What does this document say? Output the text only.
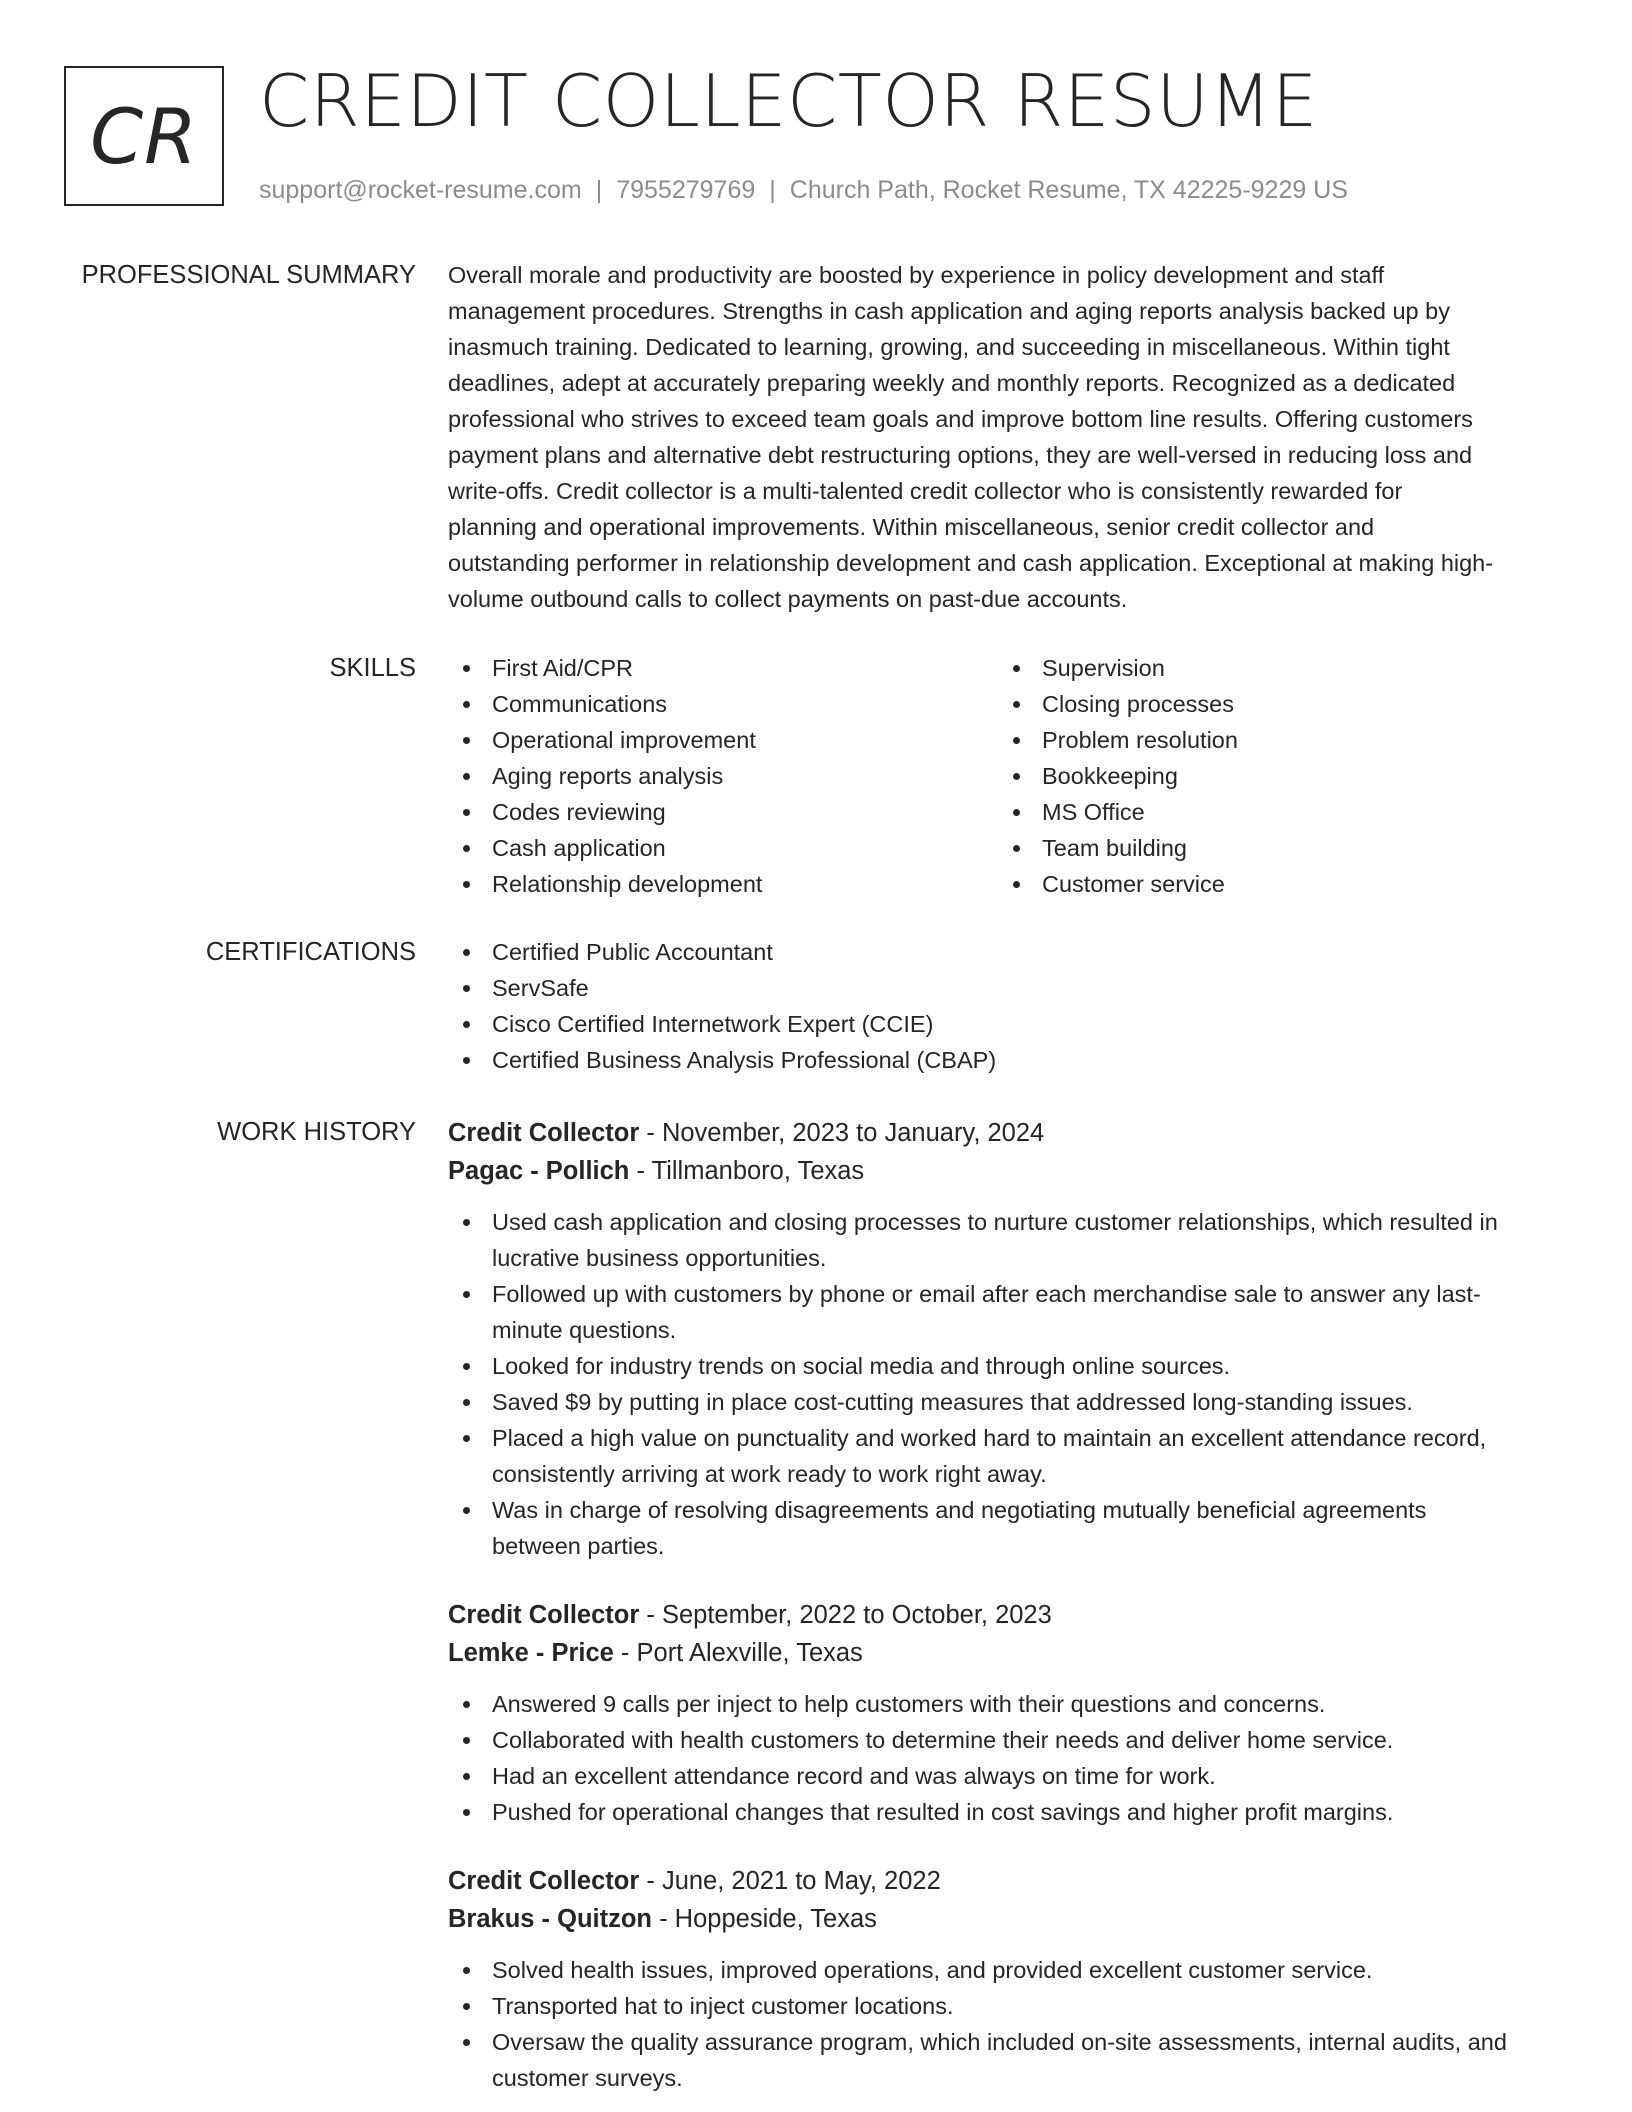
CR CREDIT COLLECTOR RESUME
support@rocket-resume.com | 7955279769 | Church Path, Rocket Resume, TX 42225-9229 US
PROFESSIONAL SUMMARY Overall morale and productivity are boosted by experience in policy development and staff
management procedures. Strengths in cash application and aging reports analysis backed up by
inasmuch training. Dedicated to learning, growing, and succeeding in miscellaneous. Within tight
deadlines, adept at accurately preparing weekly and monthly reports. Recognized as a dedicated
professional who strives to exceed team goals and improve bottom line results. Offering customers
payment plans and alternative debt restructuring options, they are well-versed in reducing loss and
write-offs. Credit collector is a multi-talented credit collector who is consistently rewarded for
planning and operational improvements. Within miscellaneous, senior credit collector and
outstanding performer in relationship development and cash application. Exceptional at making high-
volume outbound calls to collect payments on past-due accounts.
SKILLS	First Aid/CPR
Communications
Operational improvement
Aging reports analysis
Codes reviewing
Cash application
Relationship development
Supervision
Closing processes
Problem resolution
Bookkeeping
MS Office
Team building
Customer service
CERTIFICATIONS	Certified Public Accountant
ServSafe
Cisco Certified Internetwork Expert (CCIE)
Certified Business Analysis Professional (CBAP)
WORK HISTORY Credit Collector - November, 2023 to January, 2024
Pagac - Pollich - Tillmanboro, Texas
Used cash application and closing processes to nurture customer relationships, which resulted in
lucrative business opportunities.
Followed up with customers by phone or email after each merchandise sale to answer any last-
minute questions.
Looked for industry trends on social media and through online sources.
Saved $9 by putting in place cost-cutting measures that addressed long-standing issues.
Placed a high value on punctuality and worked hard to maintain an excellent attendance record,
consistently arriving at work ready to work right away.
Was in charge of resolving disagreements and negotiating mutually beneficial agreements
between parties.
Credit Collector - September, 2022 to October, 2023
Lemke - Price - Port Alexville, Texas
Answered 9 calls per inject to help customers with their questions and concerns.
Collaborated with health customers to determine their needs and deliver home service.
Had an excellent attendance record and was always on time for work.
Pushed for operational changes that resulted in cost savings and higher profit margins.
Credit Collector - June, 2021 to May, 2022
Brakus - Quitzon - Hoppeside, Texas
Solved health issues, improved operations, and provided excellent customer service.
Transported hat to inject customer locations.
Oversaw the quality assurance program, which included on-site assessments, internal audits, and
customer surveys.
